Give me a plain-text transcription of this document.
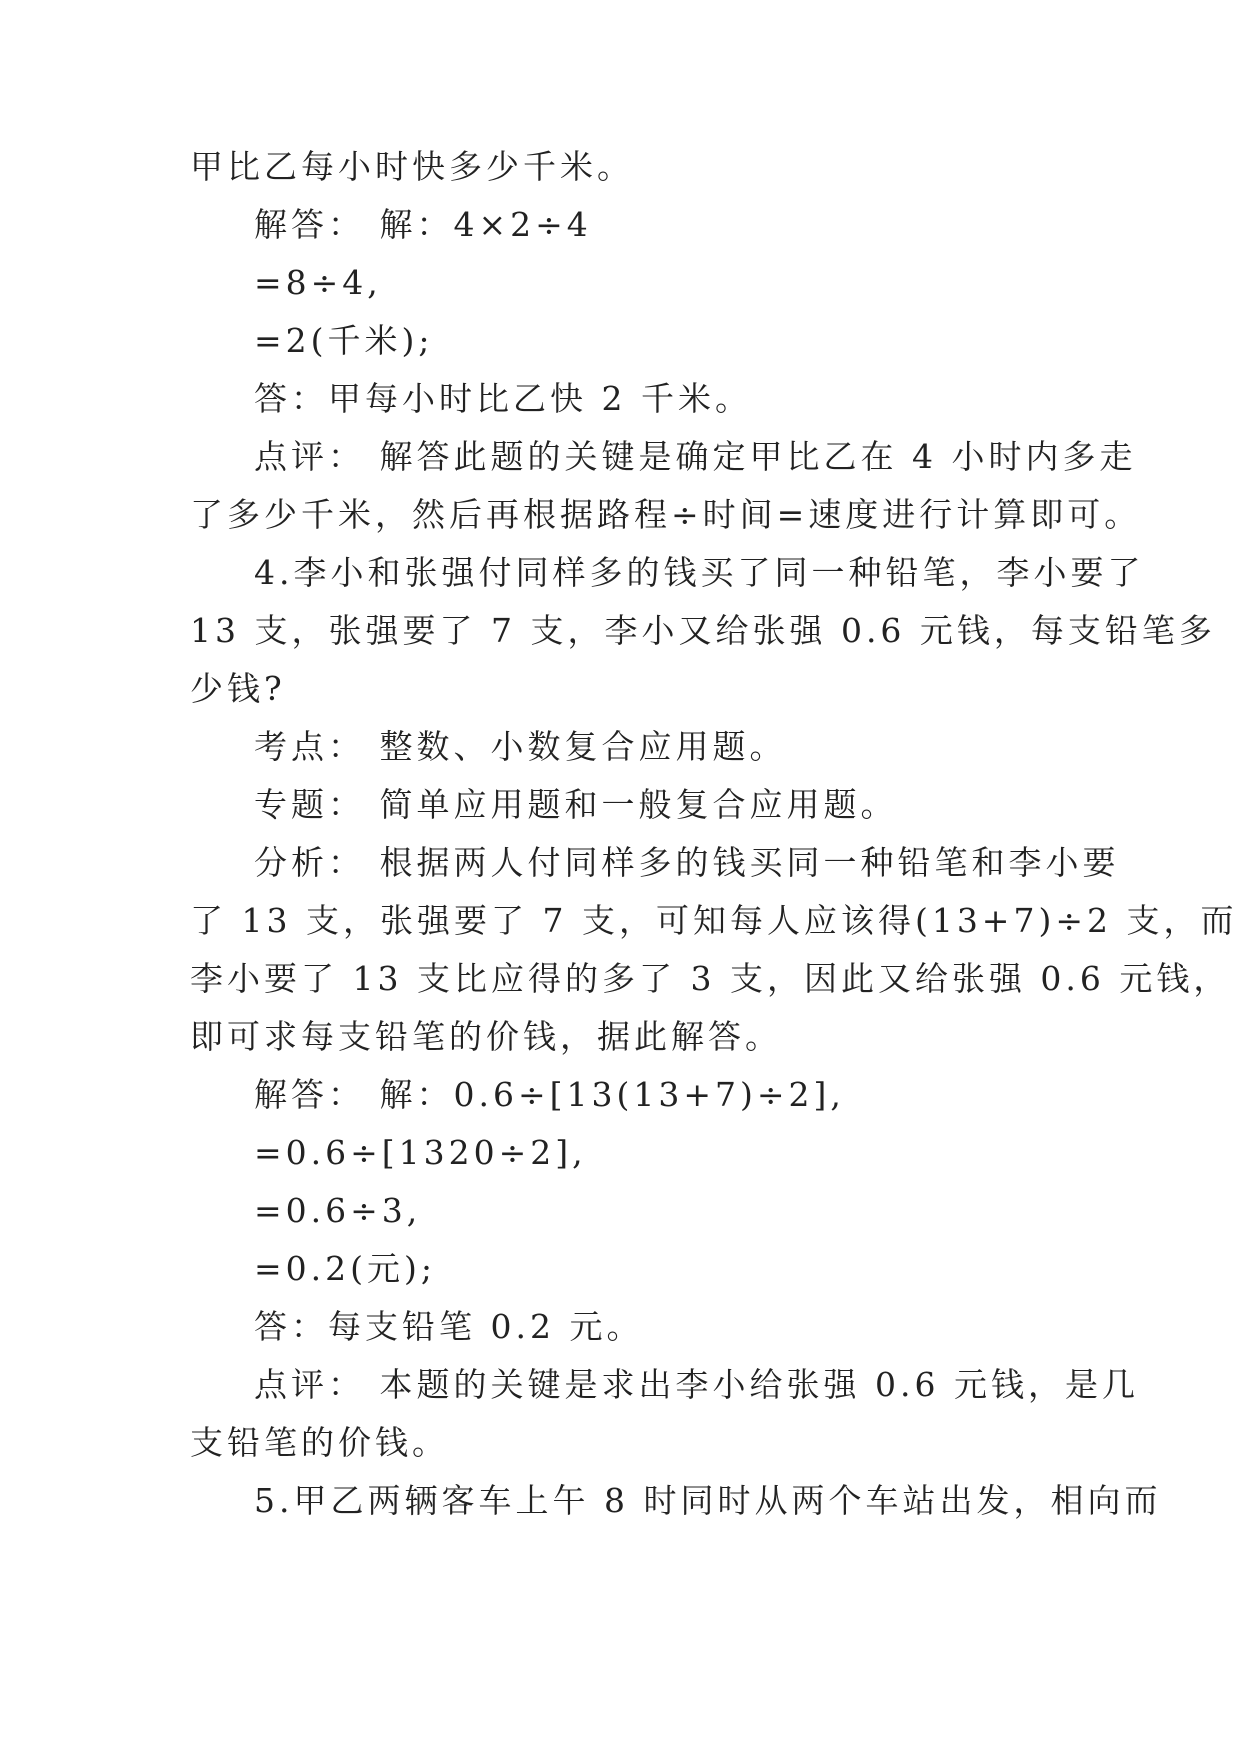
甲比乙每小时快多少千米。
解答： 解：4×2÷4
=8÷4,
=2(千米);
答：甲每小时比乙快 2 千米。
点评： 解答此题的关键是确定甲比乙在 4 小时内多走
了多少千米，然后再根据路程÷时间=速度进行计算即可。
4.李小和张强付同样多的钱买了同一种铅笔，李小要了
13 支，张强要了 7 支，李小又给张强 0.6 元钱，每支铅笔多
少钱?
考点： 整数、小数复合应用题。
专题： 简单应用题和一般复合应用题。
分析： 根据两人付同样多的钱买同一种铅笔和李小要
了 13 支，张强要了 7 支，可知每人应该得(13+7)÷2 支，而
李小要了 13 支比应得的多了 3 支，因此又给张强 0.6 元钱，
即可求每支铅笔的价钱，据此解答。
解答： 解：0.6÷[13(13+7)÷2],
=0.6÷[1320÷2],
=0.6÷3,
=0.2(元);
答：每支铅笔 0.2 元。
点评： 本题的关键是求出李小给张强 0.6 元钱，是几
支铅笔的价钱。
5.甲乙两辆客车上午 8 时同时从两个车站出发，相向而
